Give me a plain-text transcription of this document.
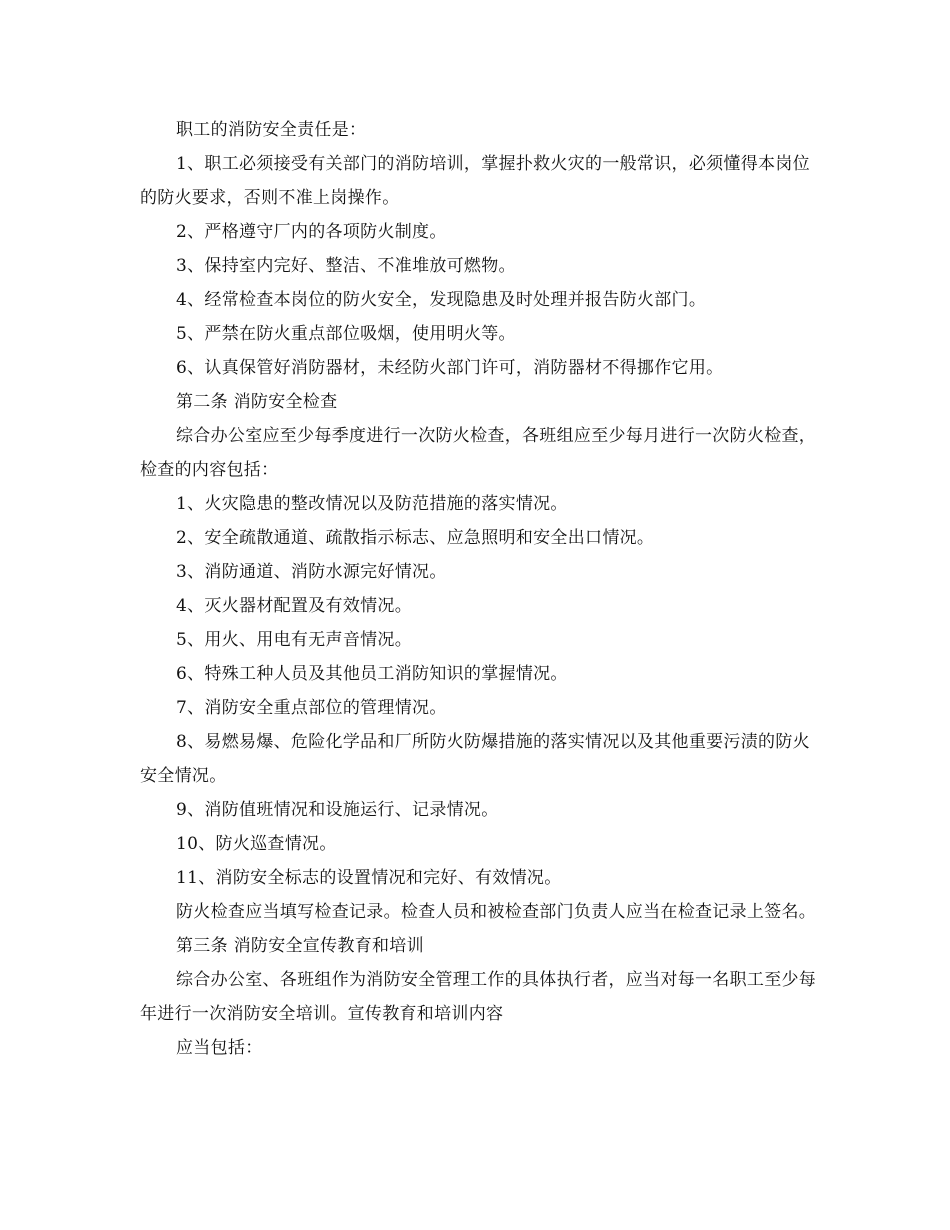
职工的消防安全责任是：

1、职工必须接受有关部门的消防培训，掌握扑救火灾的一般常识，必须懂得本岗位的防火要求，否则不准上岗操作。

2、严格遵守厂内的各项防火制度。

3、保持室内完好、整洁、不准堆放可燃物。

4、经常检查本岗位的防火安全，发现隐患及时处理并报告防火部门。

5、严禁在防火重点部位吸烟，使用明火等。

6、认真保管好消防器材，未经防火部门许可，消防器材不得挪作它用。

第二条 消防安全检查

综合办公室应至少每季度进行一次防火检查，各班组应至少每月进行一次防火检查，检查的内容包括：

1、火灾隐患的整改情况以及防范措施的落实情况。

2、安全疏散通道、疏散指示标志、应急照明和安全出口情况。

3、消防通道、消防水源完好情况。

4、灭火器材配置及有效情况。

5、用火、用电有无声音情况。

6、特殊工种人员及其他员工消防知识的掌握情况。

7、消防安全重点部位的管理情况。

8、易燃易爆、危险化学品和厂所防火防爆措施的落实情况以及其他重要污渍的防火安全情况。

9、消防值班情况和设施运行、记录情况。

10、防火巡查情况。

11、消防安全标志的设置情况和完好、有效情况。

防火检查应当填写检查记录。检查人员和被检查部门负责人应当在检查记录上签名。

第三条 消防安全宣传教育和培训

综合办公室、各班组作为消防安全管理工作的具体执行者，应当对每一名职工至少每年进行一次消防安全培训。宣传教育和培训内容

应当包括：
